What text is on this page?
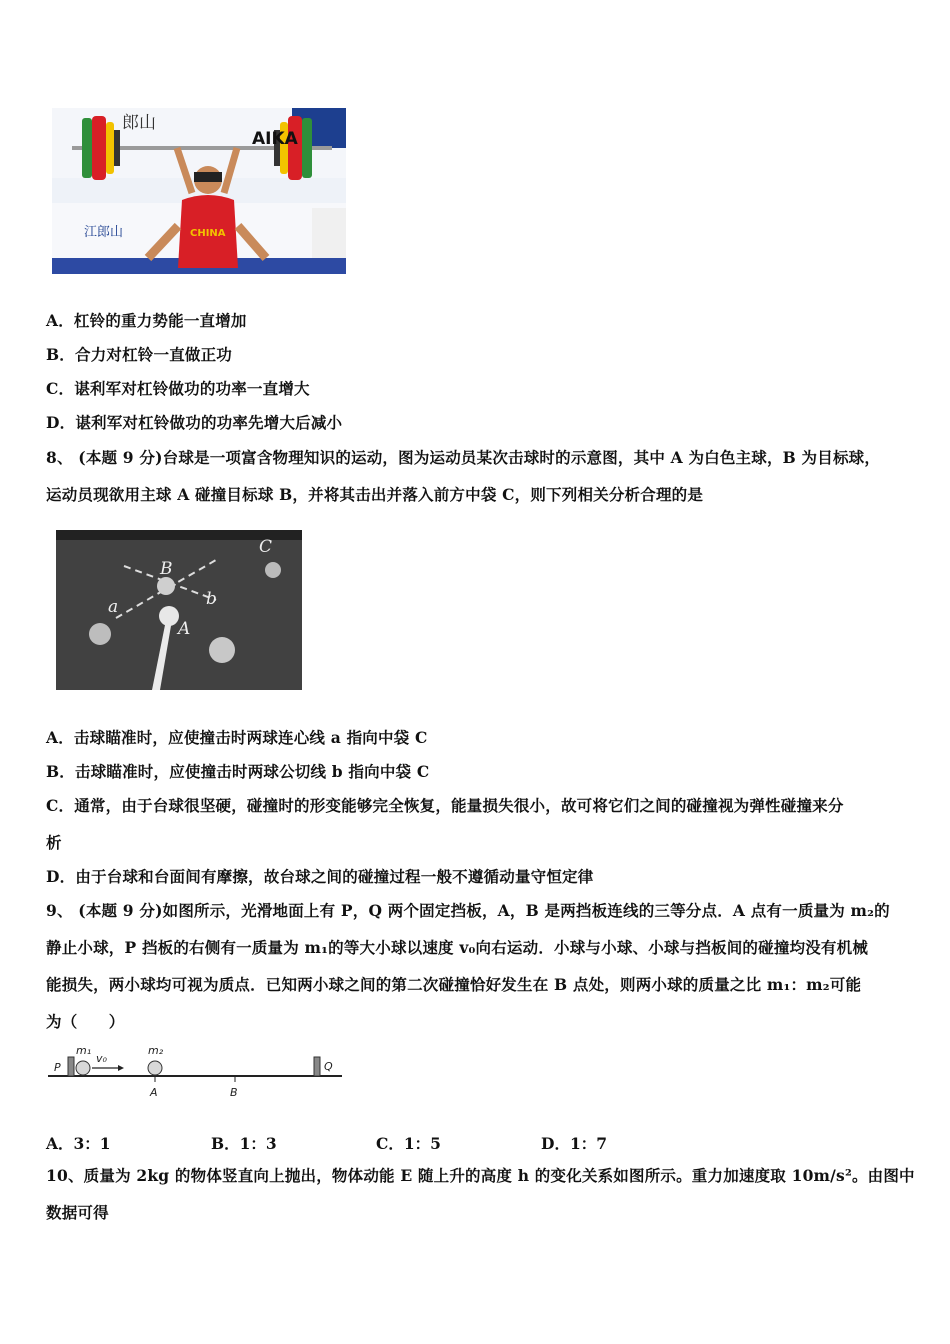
CHINA
郎山
江郎山
AIKA
A．杠铃的重力势能一直增加
B．合力对杠铃一直做正功
C．谌利军对杠铃做功的功率一直增大
D．谌利军对杠铃做功的功率先增大后减小
8、 (本题 9 分)台球是一项富含物理知识的运动，图为运动员某次击球时的示意图，其中 A 为白色主球，B 为目标球，
运动员现欲用主球 A 碰撞目标球 B，并将其击出并落入前方中袋 C，则下列相关分析合理的是
C
B
a	b
A
A．击球瞄准时，应使撞击时两球连心线 a 指向中袋 C
B．击球瞄准时，应使撞击时两球公切线 b 指向中袋 C
C．通常，由于台球很坚硬，碰撞时的形变能够完全恢复，能量损失很小，故可将它们之间的碰撞视为弹性碰撞来分
析
D．由于台球和台面间有摩擦，故台球之间的碰撞过程一般不遵循动量守恒定律
9、 (本题 9 分)如图所示，光滑地面上有 P，Q 两个固定挡板，A，B 是两挡板连线的三等分点．A 点有一质量为 m₂的
静止小球，P 挡板的右侧有一质量为 m₁的等大小球以速度 v₀向右运动．小球与小球、小球与挡板间的碰撞均没有机械
能损失，两小球均可视为质点．已知两小球之间的第二次碰撞恰好发生在 B 点处，则两小球的质量之比 m₁：m₂可能
为（　　）
P	Q
m₁
v₀
m₂
A	B
A．3：1	B．1：3	C．1：5	D．1：7
10、质量为 2kg 的物体竖直向上抛出，物体动能 E 随上升的高度 h 的变化关系如图所示。重力加速度取 10m/s²。由图中
数据可得
